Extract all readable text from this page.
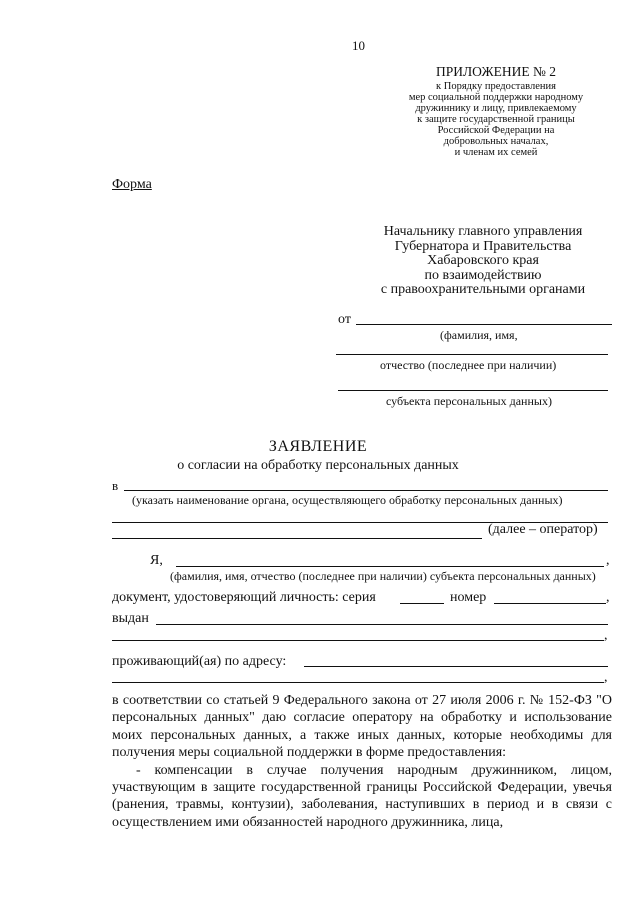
10
ПРИЛОЖЕНИЕ № 2
к Порядку предоставления
мер социальной поддержки народному
дружиннику и лицу, привлекаемому
к защите государственной границы
Российской Федерации на
добровольных началах,
и членам их семей
Форма
Начальнику главного управления
Губернатора и Правительства
Хабаровского края
по взаимодействию
с правоохранительными органами
от
(фамилия, имя,
отчество (последнее при наличии)
субъекта персональных данных)
ЗАЯВЛЕНИЕ
о согласии на обработку персональных данных
в
(указать наименование органа, осуществляющего обработку персональных данных)
(далее – оператор)
Я,	,
(фамилия, имя, отчество (последнее при наличии) субъекта персональных данных)
документ, удостоверяющий личность: серия	номер	,
выдан
,
проживающий(ая) по адресу:
,

в соответствии со статьей 9 Федерального закона от 27 июля 2006 г. № 152-ФЗ "О персональных данных" даю согласие оператору на обработку и использование моих персональных данных, а также иных данных, которые необходимы для получения меры социальной поддержки в форме предоставления:

- компенсации в случае получения народным дружинником, лицом, участвующим в защите государственной границы Российской Федерации, увечья (ранения, травмы, контузии), заболевания, наступивших в период и в связи с осуществлением ими обязанностей народного дружинника, лица,
